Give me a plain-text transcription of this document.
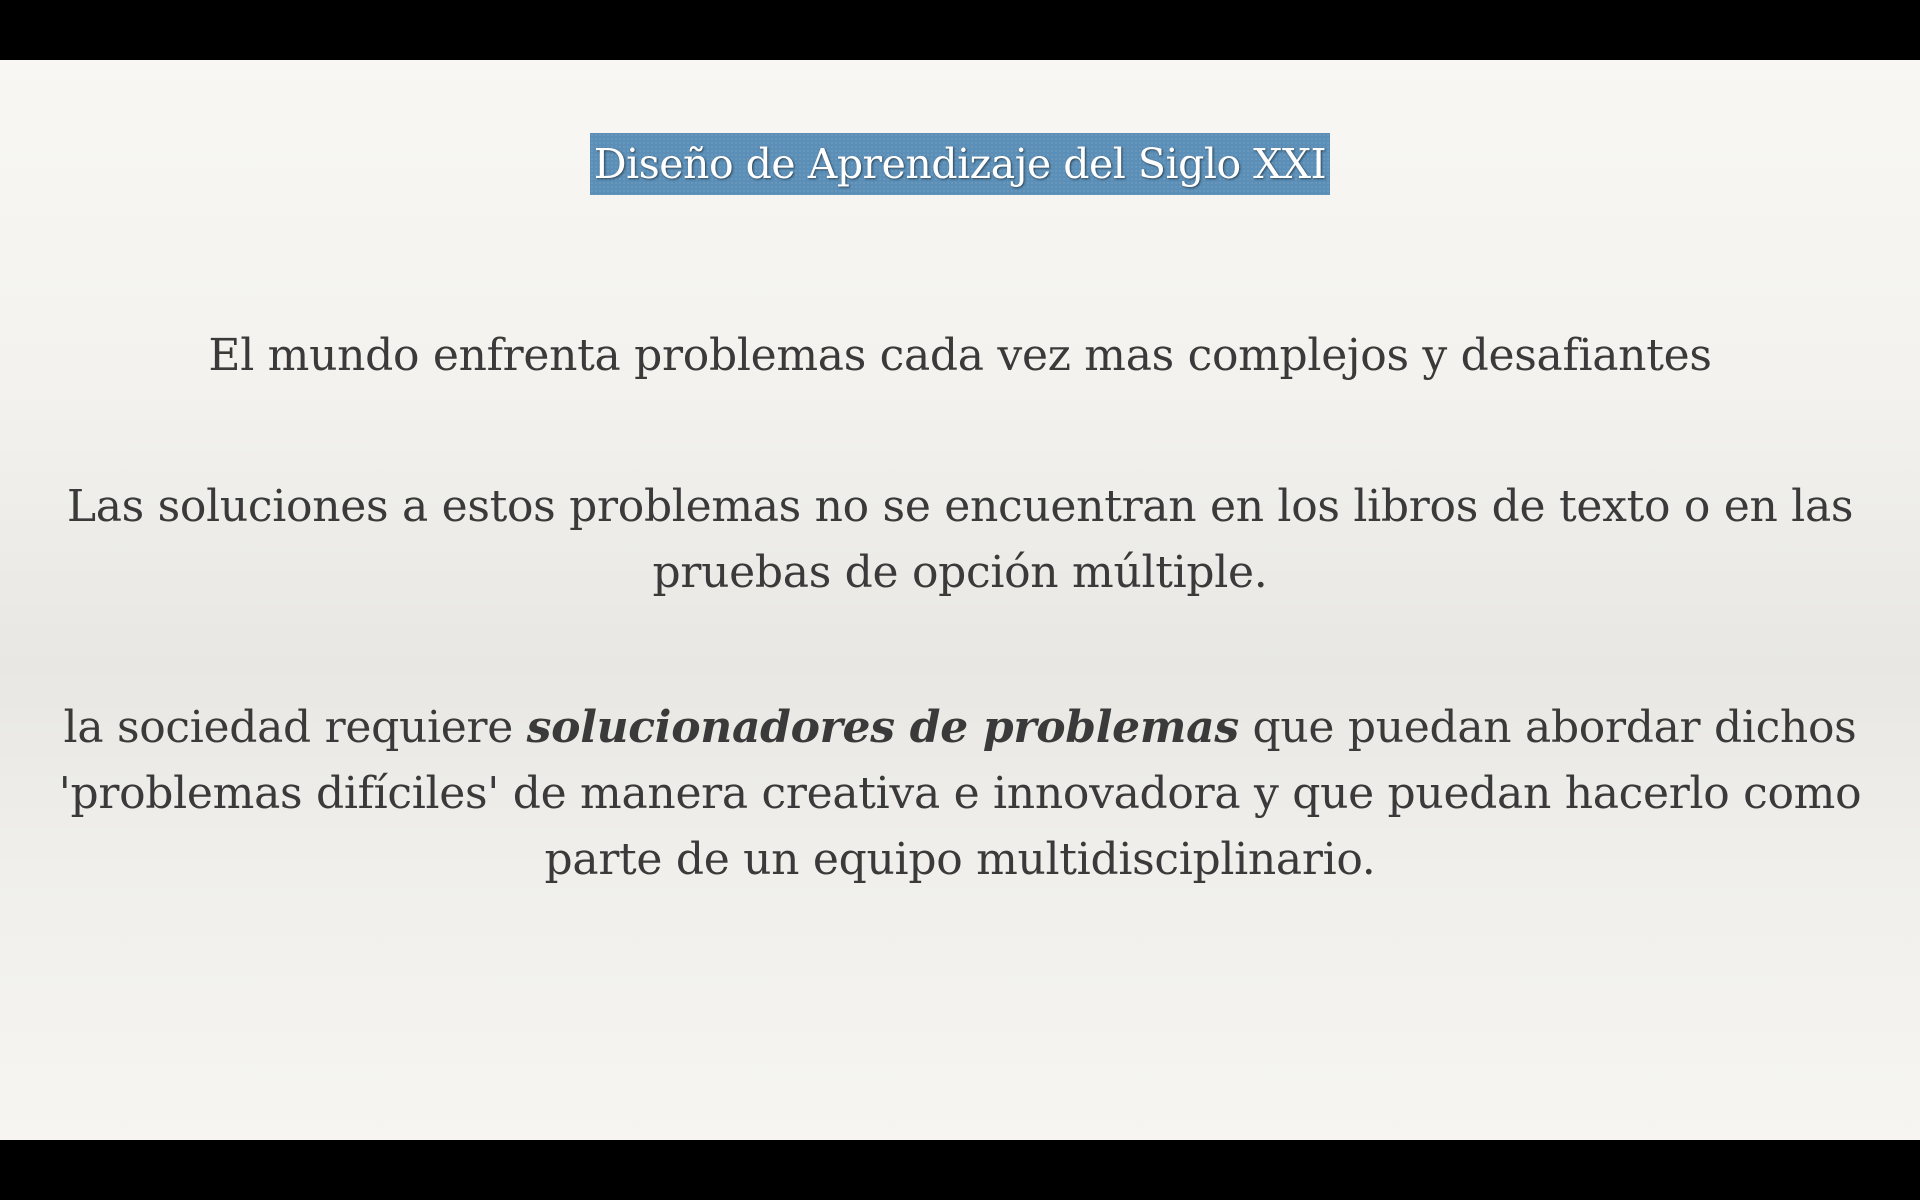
Diseño de Aprendizaje del Siglo XXI
El mundo enfrenta problemas cada vez mas complejos y desafiantes
Las soluciones a estos problemas no se encuentran en los libros de texto o en las
pruebas de opción múltiple.
la sociedad requiere solucionadores de problemas que puedan abordar dichos
'problemas difíciles' de manera creativa e innovadora y que puedan hacerlo como
parte de un equipo multidisciplinario.
